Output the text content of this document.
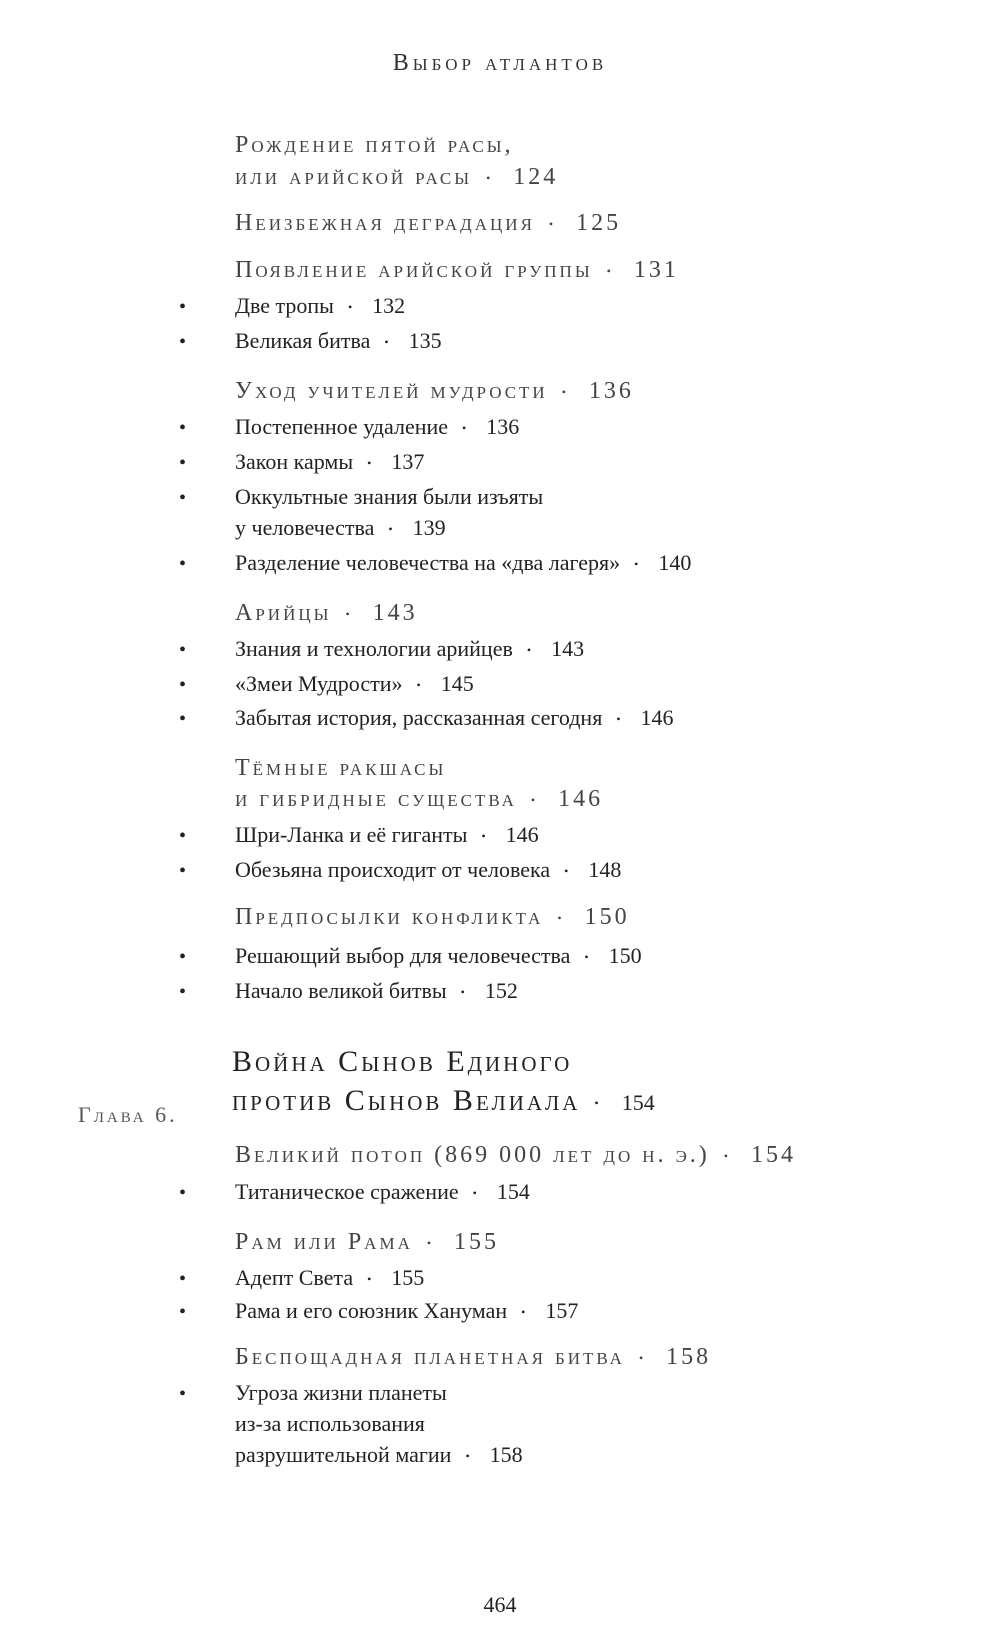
Выбор атлантов
Рождение пятой расы,
или арийской расы • 124
Неизбежная деградация • 125
Появление арийской группы • 131
• Две тропы • 132
• Великая битва • 135
Уход учителей мудрости • 136
• Постепенное удаление • 136
• Закон кармы • 137
• Оккультные знания были изъяты
у человечества • 139
• Разделение человечества на «два лагеря» • 140
Арийцы • 143
• Знания и технологии арийцев • 143
• «Змеи Мудрости» • 145
• Забытая история, рассказанная сегодня • 146
Тёмные ракшасы
и гибридные существа • 146
• Шри-Ланка и её гиганты • 146
• Обезьяна происходит от человека • 148
Предпосылки конфликта • 150
• Решающий выбор для человечества • 150
• Начало великой битвы • 152
Глава 6.
Война Сынов Единого
против Сынов Велиала • 154
Великий потоп (869 000 лет до н. э.) • 154
• Титаническое сражение • 154
Рам или Рама • 155
• Адепт Света • 155
• Рама и его союзник Хануман • 157
Беспощадная планетная битва • 158
• Угроза жизни планеты
из-за использования
разрушительной магии • 158
464
